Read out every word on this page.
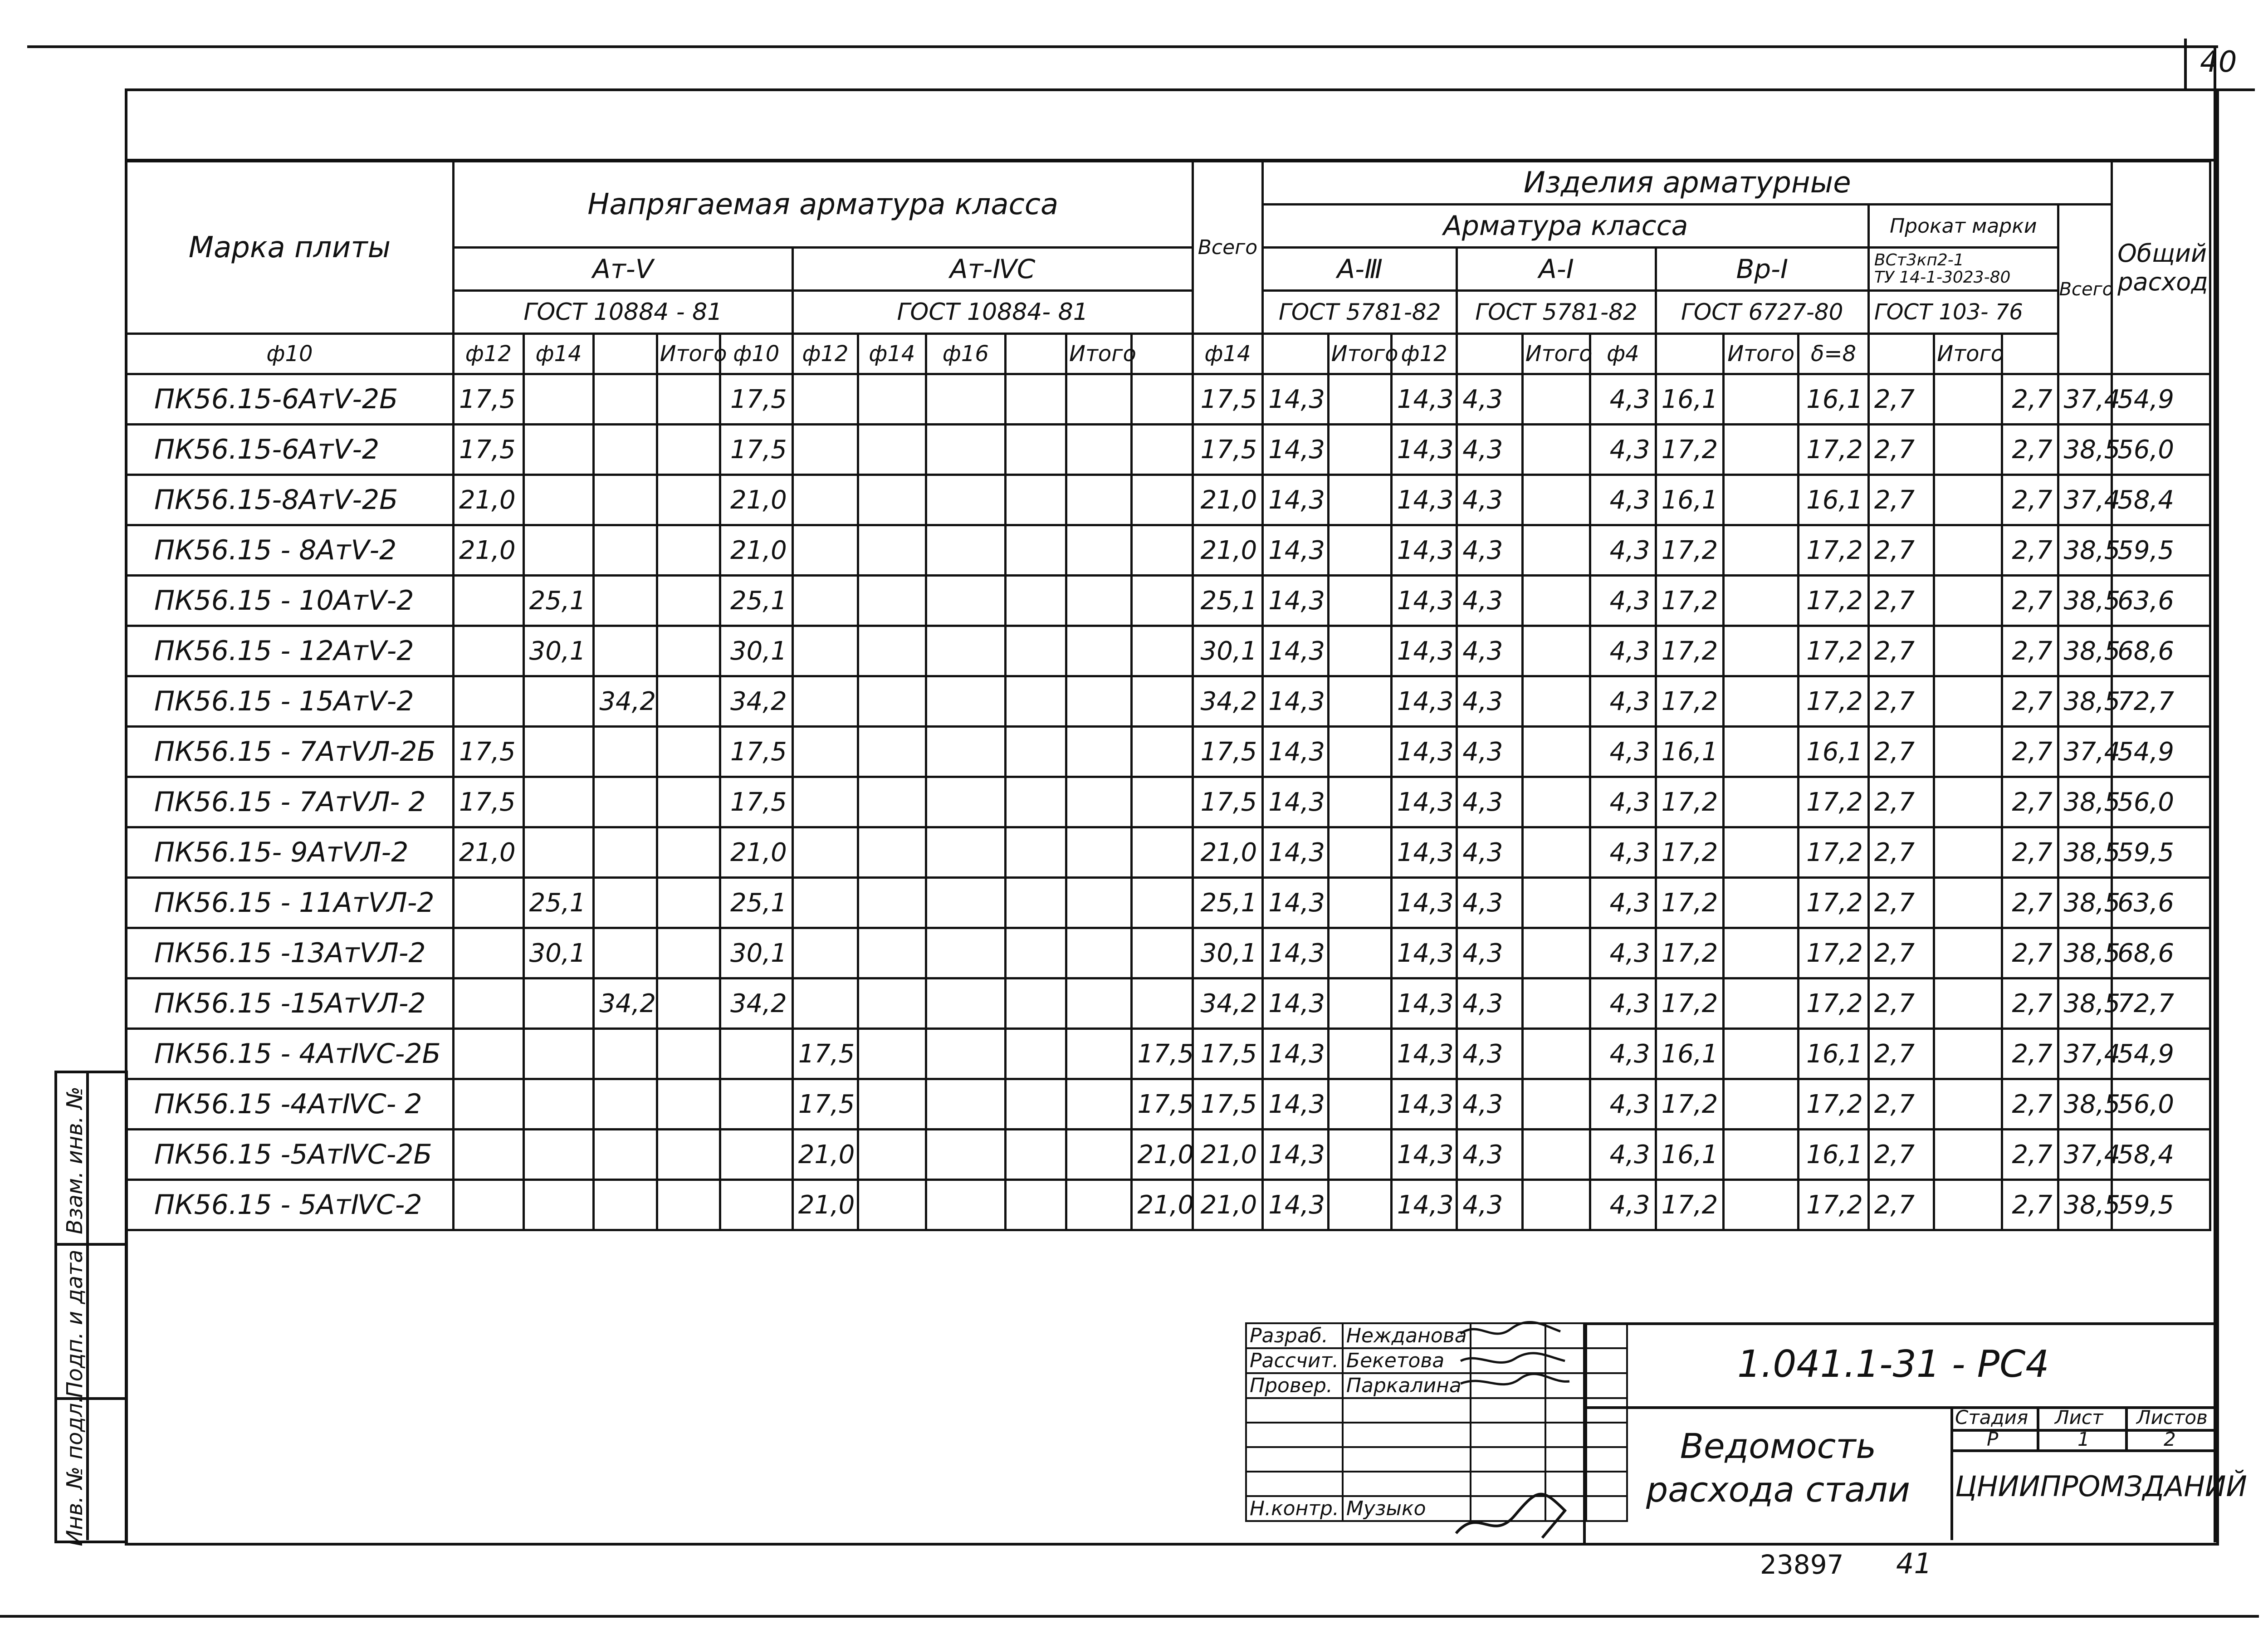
40
Взам. инв. №
Подп. и дата
Инв. № подл.
Марка плиты	Напрягаемая арматура класса											Всего	Изделия арматурные													Общий расход
													Арматура класса									Прокат марки			Всего	
	Ат-Ⅴ					Ат-ⅣС							А-Ⅲ			А-Ⅰ			Вр-Ⅰ			ВСт3кп2-1
ТУ 14-1-3023-80				
	ГОСТ 10884 - 81					ГОСТ 10884- 81							ГОСТ 5781-82			ГОСТ 5781-82			ГОСТ 6727-80			ГОСТ 103- 76				
ф10	ф12	ф14		Итого	ф10	ф12	ф14	ф16		Итого		ф14		Итого	ф12		Итого	ф4		Итого	δ=8		Итого			
ПК56.15-6АтⅤ-2Б	17,5				17,5							17,5	14,3		14,3	4,3		4,3	16,1		16,1	2,7		2,7	37,4	54,9
ПК56.15-6АтⅤ-2	17,5				17,5							17,5	14,3		14,3	4,3		4,3	17,2		17,2	2,7		2,7	38,5	56,0
ПК56.15-8АтⅤ-2Б	21,0				21,0							21,0	14,3		14,3	4,3		4,3	16,1		16,1	2,7		2,7	37,4	58,4
ПК56.15 - 8АтⅤ-2	21,0				21,0							21,0	14,3		14,3	4,3		4,3	17,2		17,2	2,7		2,7	38,5	59,5
ПК56.15 - 10АтⅤ-2		25,1			25,1							25,1	14,3		14,3	4,3		4,3	17,2		17,2	2,7		2,7	38,5	63,6
ПК56.15 - 12АтⅤ-2		30,1			30,1							30,1	14,3		14,3	4,3		4,3	17,2		17,2	2,7		2,7	38,5	68,6
ПК56.15 - 15АтⅤ-2			34,2		34,2							34,2	14,3		14,3	4,3		4,3	17,2		17,2	2,7		2,7	38,5	72,7
ПК56.15 - 7АтⅤЛ-2Б	17,5				17,5							17,5	14,3		14,3	4,3		4,3	16,1		16,1	2,7		2,7	37,4	54,9
ПК56.15 - 7АтⅤЛ- 2	17,5				17,5							17,5	14,3		14,3	4,3		4,3	17,2		17,2	2,7		2,7	38,5	56,0
ПК56.15- 9АтⅤЛ-2	21,0				21,0							21,0	14,3		14,3	4,3		4,3	17,2		17,2	2,7		2,7	38,5	59,5
ПК56.15 - 11АтⅤЛ-2		25,1			25,1							25,1	14,3		14,3	4,3		4,3	17,2		17,2	2,7		2,7	38,5	63,6
ПК56.15 -13АтⅤЛ-2		30,1			30,1							30,1	14,3		14,3	4,3		4,3	17,2		17,2	2,7		2,7	38,5	68,6
ПК56.15 -15АтⅤЛ-2			34,2		34,2							34,2	14,3		14,3	4,3		4,3	17,2		17,2	2,7		2,7	38,5	72,7
ПК56.15 - 4АтⅣС-2Б						17,5					17,5	17,5	14,3		14,3	4,3		4,3	16,1		16,1	2,7		2,7	37,4	54,9
ПК56.15 -4АтⅣС- 2						17,5					17,5	17,5	14,3		14,3	4,3		4,3	17,2		17,2	2,7		2,7	38,5	56,0
ПК56.15 -5АтⅣС-2Б						21,0					21,0	21,0	14,3		14,3	4,3		4,3	16,1		16,1	2,7		2,7	37,4	58,4
ПК56.15 - 5АтⅣС-2						21,0					21,0	21,0	14,3		14,3	4,3		4,3	17,2		17,2	2,7		2,7	38,5	59,5
Разраб.	Нежданова			
Рассчит.	Бекетова			
Провер.	Паркалина			

Н.контр.	Музыко			
1.041.1-31 - РС4
Ведомость расхода стали
Стадия Лист Листов
Р	1	2
ЦНИИПРОМЗДАНИЙ
23897 41
